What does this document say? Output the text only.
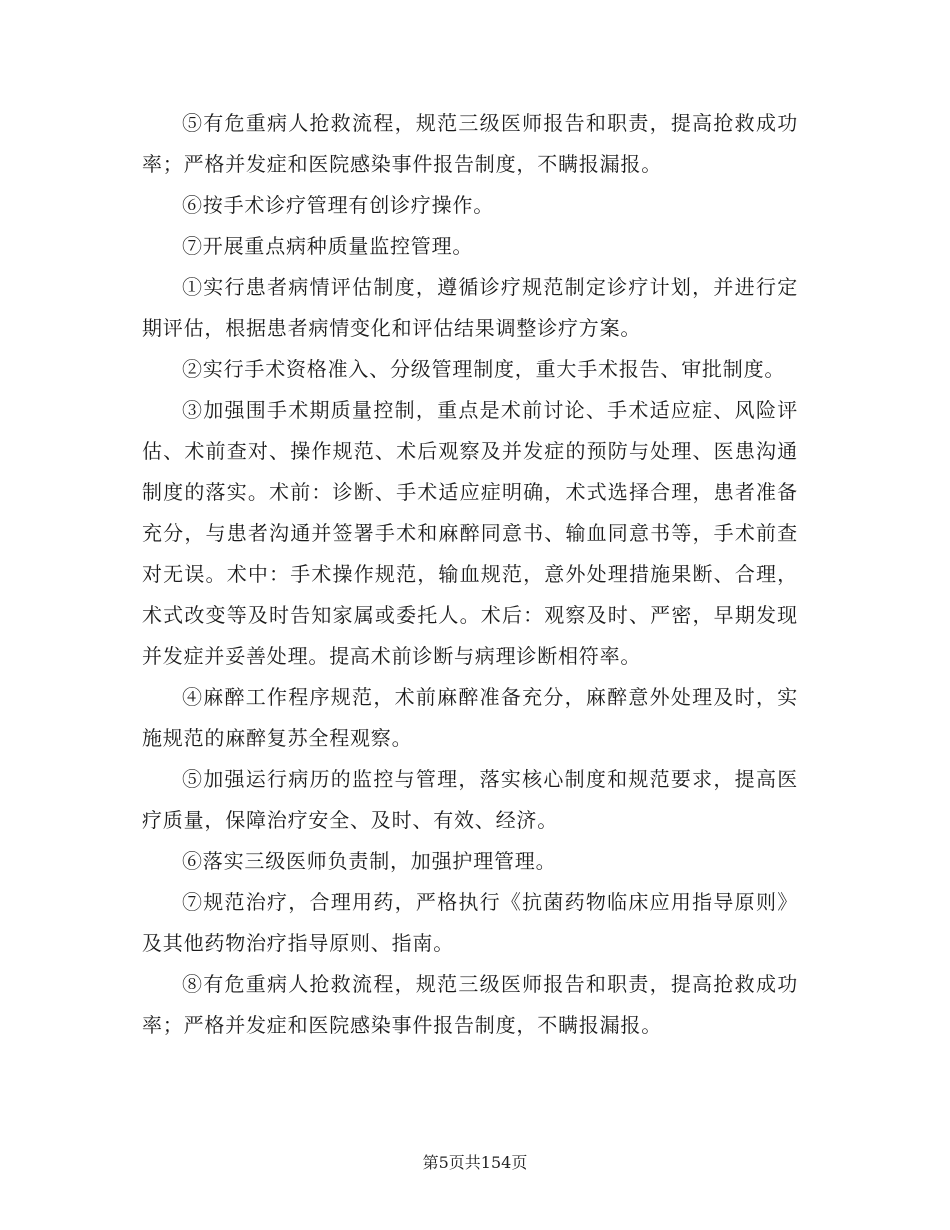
⑤有危重病人抢救流程，规范三级医师报告和职责，提高抢救成功率；严格并发症和医院感染事件报告制度，不瞒报漏报。

⑥按手术诊疗管理有创诊疗操作。

⑦开展重点病种质量监控管理。

①实行患者病情评估制度，遵循诊疗规范制定诊疗计划，并进行定期评估，根据患者病情变化和评估结果调整诊疗方案。

②实行手术资格准入、分级管理制度，重大手术报告、审批制度。

③加强围手术期质量控制，重点是术前讨论、手术适应症、风险评估、术前查对、操作规范、术后观察及并发症的预防与处理、医患沟通制度的落实。术前：诊断、手术适应症明确，术式选择合理，患者准备充分，与患者沟通并签署手术和麻醉同意书、输血同意书等，手术前查对无误。术中：手术操作规范，输血规范，意外处理措施果断、合理，术式改变等及时告知家属或委托人。术后：观察及时、严密，早期发现并发症并妥善处理。提高术前诊断与病理诊断相符率。

④麻醉工作程序规范，术前麻醉准备充分，麻醉意外处理及时，实施规范的麻醉复苏全程观察。

⑤加强运行病历的监控与管理，落实核心制度和规范要求，提高医疗质量，保障治疗安全、及时、有效、经济。

⑥落实三级医师负责制，加强护理管理。

⑦规范治疗，合理用药，严格执行《抗菌药物临床应用指导原则》及其他药物治疗指导原则、指南。

⑧有危重病人抢救流程，规范三级医师报告和职责，提高抢救成功率；严格并发症和医院感染事件报告制度，不瞒报漏报。

第5页共154页
